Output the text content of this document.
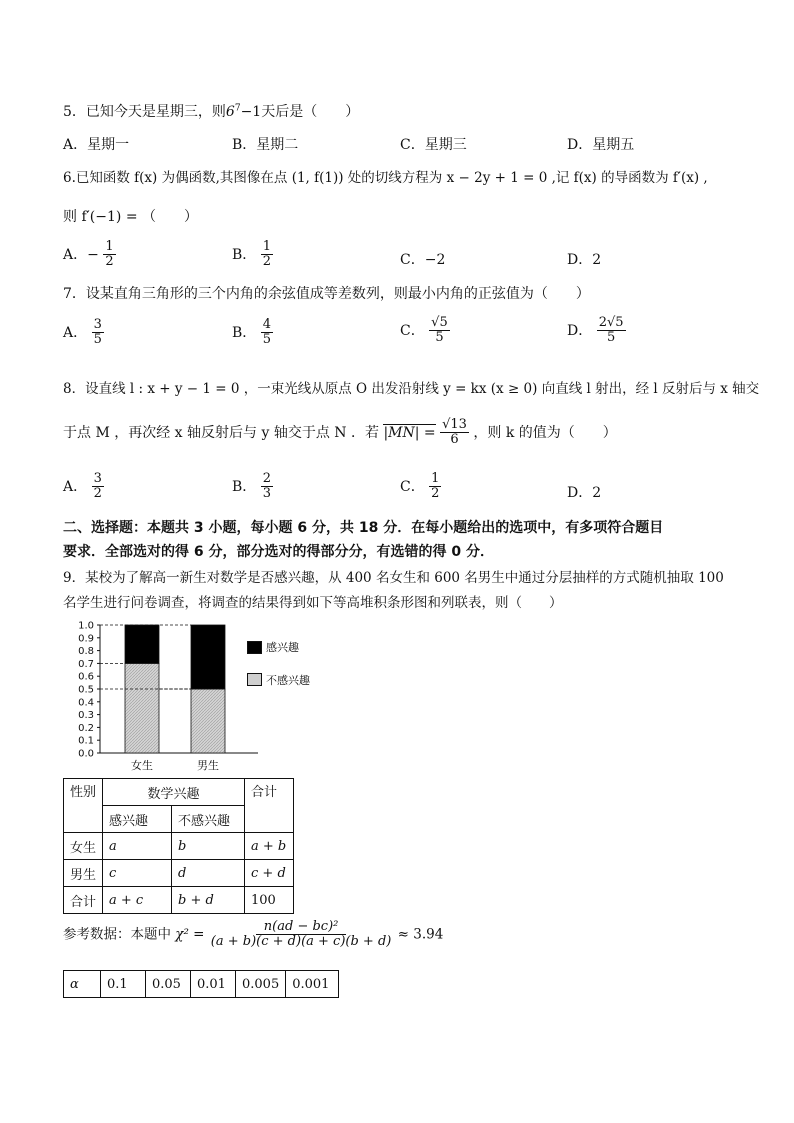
5．已知今天是星期三，则$6^7-1$天后是（　　）
A．星期一	B．星期二	C．星期三	D．星期五
6.已知函数 f(x) 为偶函数,其图像在点 (1, f(1)) 处的切线方程为 x − 2y + 1 = 0 ,记 f(x) 的导函数为 f′(x) ,
则 f′(−1) = （　　）
A．− $\frac{1}{2}$	B． $\frac{1}{2}$	C．−2	D．2
7．设某直角三角形的三个内角的余弦值成等差数列，则最小内角的正弦值为（　　）
A． $\frac{3}{5}$	B． $\frac{4}{5}$	C． $\frac{√5}{5}$	D． $\frac{2√5}{5}$
8．设直线 l : x + y − 1 = 0 ，一束光线从原点 O 出发沿射线 y = kx (x ≥ 0) 向直线 l 射出，经 l 反射后与 x 轴交
于点 M ，再次经 x 轴反射后与 y 轴交于点 N ．若 $|MN| = \frac{√13}{6}$ ，则 k 的值为（　　）
A． $\frac{3}{2}$	B． $\frac{2}{3}$	C． $\frac{1}{2}$	D．2
二、选择题：本题共 3 小题，每小题 6 分，共 18 分．在每小题给出的选项中，有多项符合题目
要求．全部选对的得 6 分，部分选对的得部分分，有选错的得 0 分．
9．某校为了解高一新生对数学是否感兴趣，从 400 名女生和 600 名男生中通过分层抽样的方式随机抽取 100
名学生进行问卷调查，将调查的结果得到如下等高堆积条形图和列联表，则（　　）
0.0
0.1
0.2
0.3
0.4
0.5
0.6
0.7
0.8
0.9
1.0
女生	男生
感兴趣
不感兴趣
性别	数学兴趣		合计
	感兴趣	不感兴趣	
女生	a	b	a + b
男生	c	d	c + d
合计	a + c	b + d	100
参考数据：本题中 $\chi^2 = \frac{\text{n(ad − bc)²}}{(a + b)(c + d)(a + c)(b + d)} \approx 3.94$
α	0.1	0.05	0.01	0.005	0.001
